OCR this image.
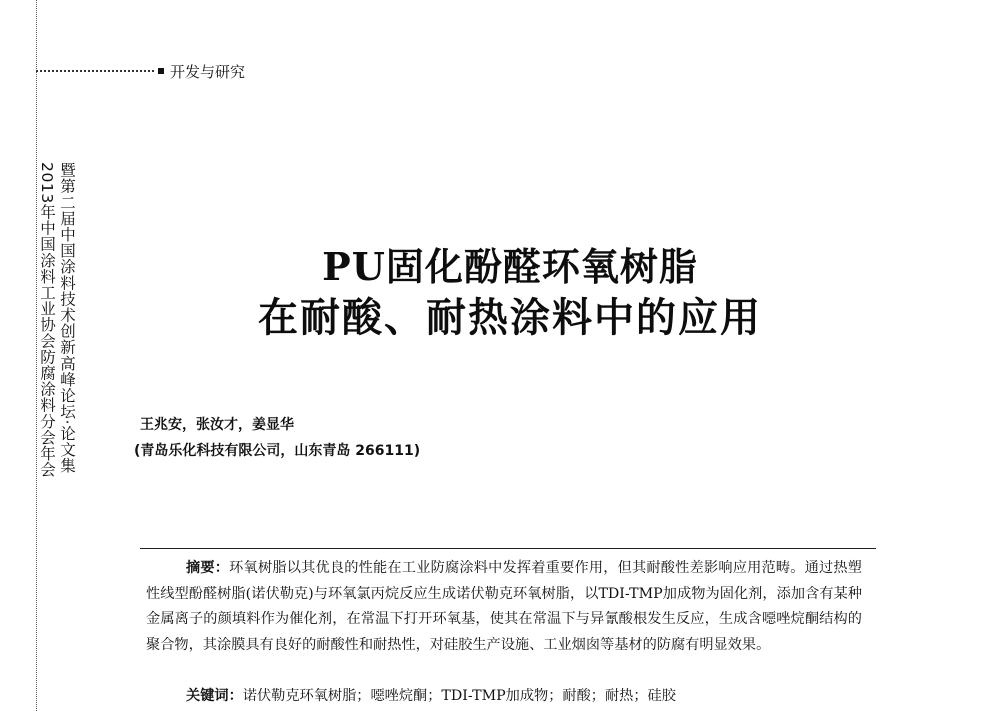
开发与研究
暨第二届中国涂料技术创新高峰论坛·论文集
2013年中国涂料工业协会防腐涂料分会年会	PU固化酚醛环氧树脂
在耐酸、耐热涂料中的应用
王兆安，张汝才，姜显华
(青岛乐化科技有限公司，山东青岛 266111)
摘要：环氧树脂以其优良的性能在工业防腐涂料中发挥着重要作用，但其耐酸性差影响应用范畴。通过热塑性线型酚醛树脂(诺伏勒克)与环氧氯丙烷反应生成诺伏勒克环氧树脂，以TDI-TMP加成物为固化剂，添加含有某种金属离子的颜填料作为催化剂，在常温下打开环氧基，使其在常温下与异氰酸根发生反应，生成含噁唑烷酮结构的聚合物，其涂膜具有良好的耐酸性和耐热性，对硅胶生产设施、工业烟囱等基材的防腐有明显效果。
关键词：诺伏勒克环氧树脂；噁唑烷酮；TDI-TMP加成物；耐酸；耐热；硅胶
